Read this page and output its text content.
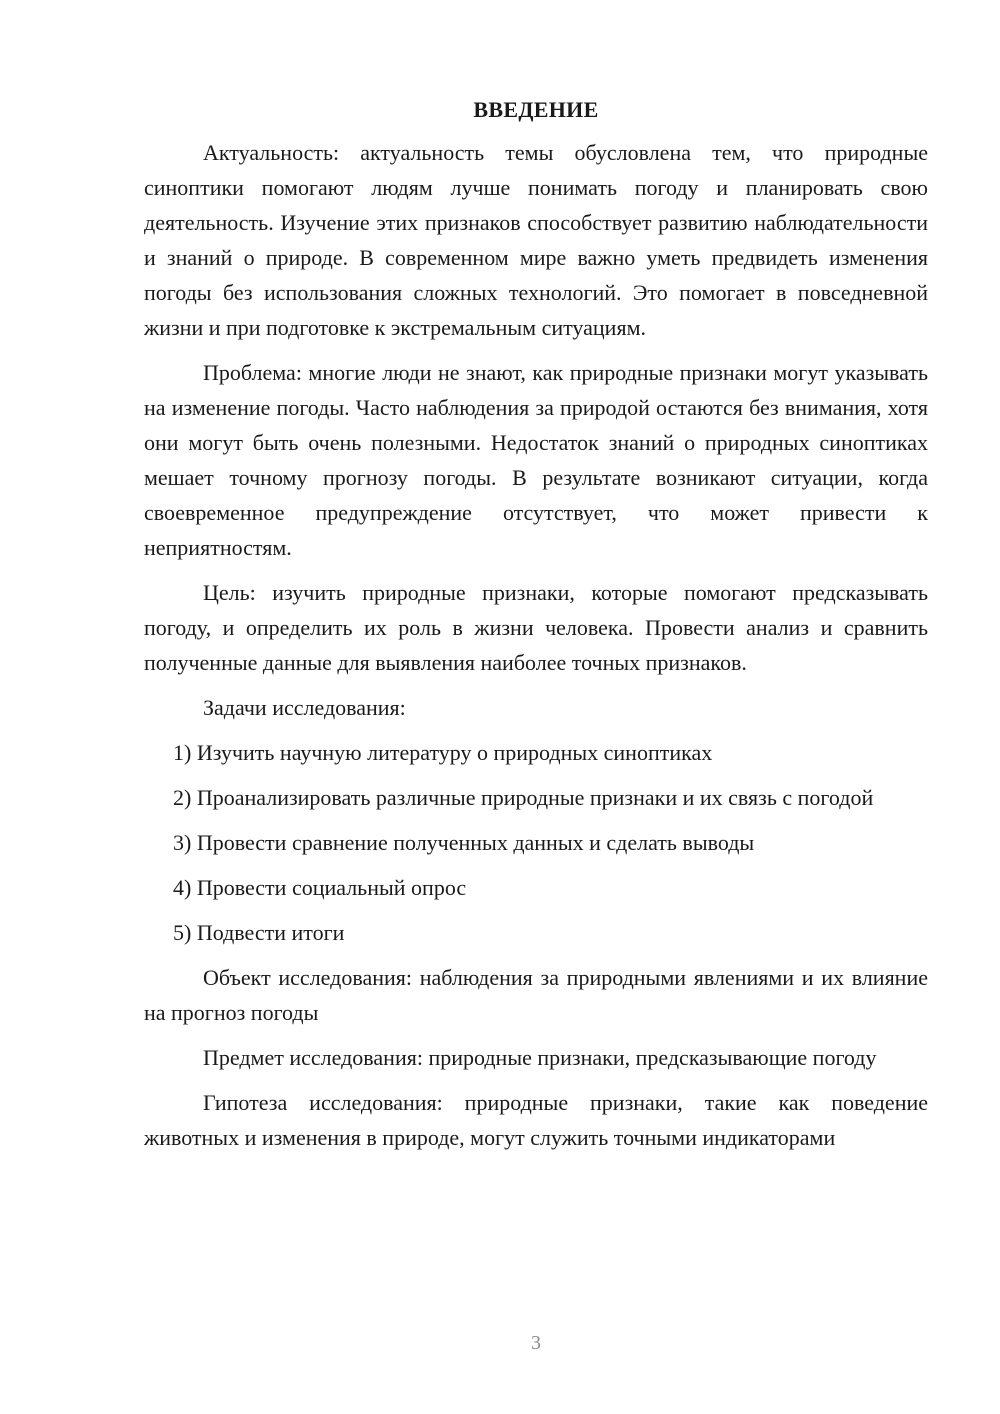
ВВЕДЕНИЕ

Актуальность: актуальность темы обусловлена тем, что природные синоптики помогают людям лучше понимать погоду и планировать свою деятельность. Изучение этих признаков способствует развитию наблюдательности и знаний о природе. В современном мире важно уметь предвидеть изменения погоды без использования сложных технологий. Это помогает в повседневной жизни и при подготовке к экстремальным ситуациям.

Проблема: многие люди не знают, как природные признаки могут указывать на изменение погоды. Часто наблюдения за природой остаются без внимания, хотя они могут быть очень полезными. Недостаток знаний о природных синоптиках мешает точному прогнозу погоды. В результате возникают ситуации, когда своевременное предупреждение отсутствует, что может привести к неприятностям.

Цель: изучить природные признаки, которые помогают предсказывать погоду, и определить их роль в жизни человека. Провести анализ и сравнить полученные данные для выявления наиболее точных признаков.

Задачи исследования:

1) Изучить научную литературу о природных синоптиках

2) Проанализировать различные природные признаки и их связь с погодой

3) Провести сравнение полученных данных и сделать выводы

4) Провести социальный опрос

5) Подвести итоги

Объект исследования: наблюдения за природными явлениями и их влияние на прогноз погоды

Предмет исследования: природные признаки, предсказывающие погоду

Гипотеза исследования: природные признаки, такие как поведение животных и изменения в природе, могут служить точными индикаторами

3
